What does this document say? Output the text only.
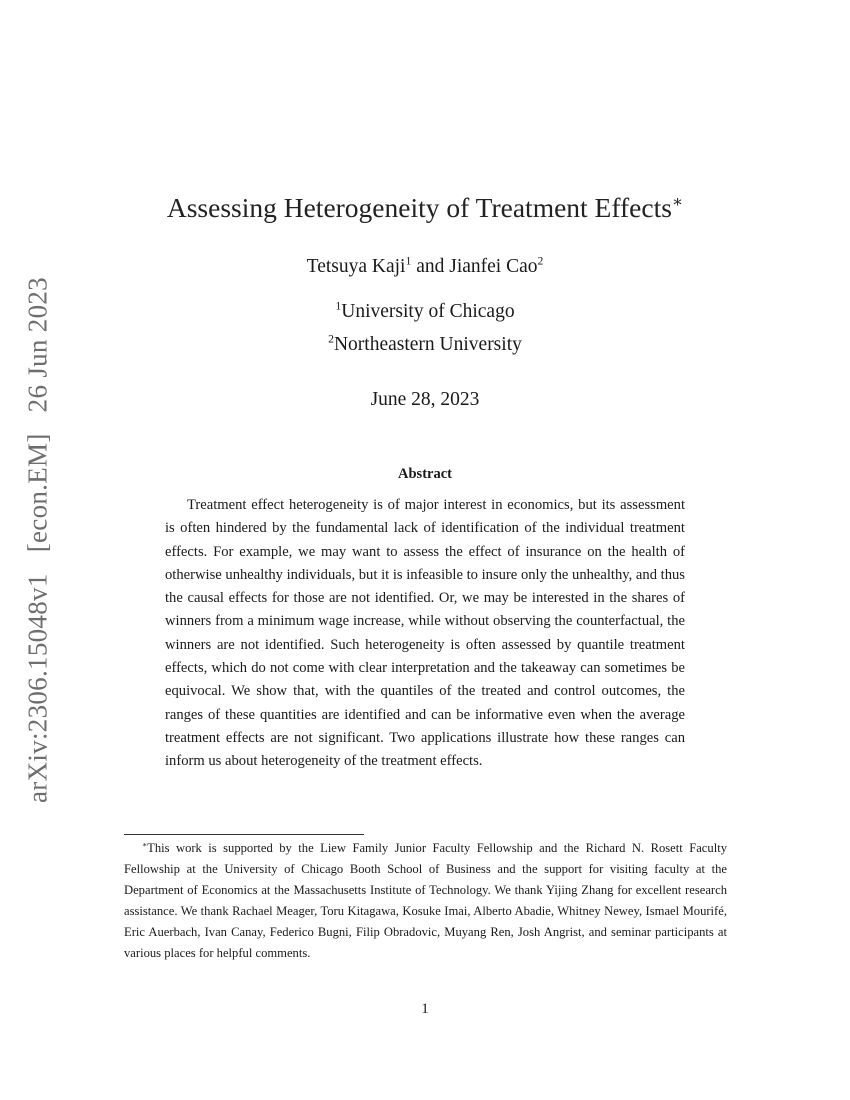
arXiv:2306.15048v1 [econ.EM] 26 Jun 2023
Assessing Heterogeneity of Treatment Effects∗
Tetsuya Kaji$^1$ and Jianfei Cao$^2$
$^1$University of Chicago
$^2$Northeastern University
June 28, 2023
Abstract

Treatment effect heterogeneity is of major interest in economics, but its assessment is often hindered by the fundamental lack of identification of the individual treatment effects. For example, we may want to assess the effect of insurance on the health of otherwise unhealthy individuals, but it is infeasible to insure only the unhealthy, and thus the causal effects for those are not identified. Or, we may be interested in the shares of winners from a minimum wage increase, while without observing the counterfactual, the winners are not identified. Such heterogeneity is often assessed by quantile treatment effects, which do not come with clear interpretation and the takeaway can sometimes be equivocal. We show that, with the quantiles of the treated and control outcomes, the ranges of these quantities are identified and can be informative even when the average treatment effects are not significant. Two applications illustrate how these ranges can inform us about heterogeneity of the treatment effects.

∗This work is supported by the Liew Family Junior Faculty Fellowship and the Richard N. Rosett Faculty Fellowship at the University of Chicago Booth School of Business and the support for visiting faculty at the Department of Economics at the Massachusetts Institute of Technology. We thank Yijing Zhang for excellent research assistance. We thank Rachael Meager, Toru Kitagawa, Kosuke Imai, Alberto Abadie, Whitney Newey, Ismael Mourifé, Eric Auerbach, Ivan Canay, Federico Bugni, Filip Obradovic, Muyang Ren, Josh Angrist, and seminar participants at various places for helpful comments.

1
